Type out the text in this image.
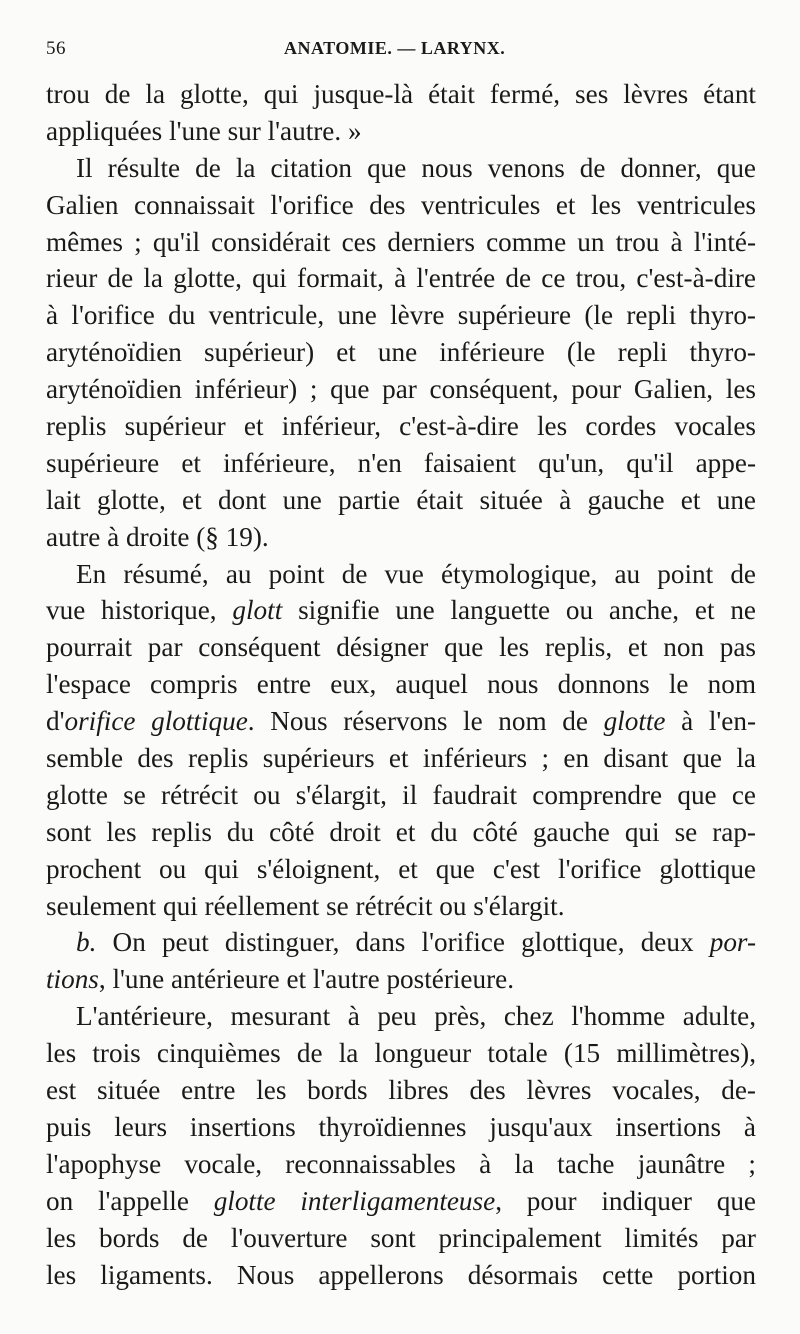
56	ANATOMIE. — LARYNX.
trou de la glotte, qui jusque-là était fermé, ses lèvres étant
appliquées l'une sur l'autre. »
Il résulte de la citation que nous venons de donner, que
Galien connaissait l'orifice des ventricules et les ventricules
mêmes ; qu'il considérait ces derniers comme un trou à l'inté-
rieur de la glotte, qui formait, à l'entrée de ce trou, c'est-à-dire
à l'orifice du ventricule, une lèvre supérieure (le repli thyro-
aryténoïdien supérieur) et une inférieure (le repli thyro-
aryténoïdien inférieur) ; que par conséquent, pour Galien, les
replis supérieur et inférieur, c'est-à-dire les cordes vocales
supérieure et inférieure, n'en faisaient qu'un, qu'il appe-
lait glotte, et dont une partie était située à gauche et une
autre à droite (§ 19).
En résumé, au point de vue étymologique, au point de
vue historique, glott signifie une languette ou anche, et ne
pourrait par conséquent désigner que les replis, et non pas
l'espace compris entre eux, auquel nous donnons le nom
d'orifice glottique. Nous réservons le nom de glotte à l'en-
semble des replis supérieurs et inférieurs ; en disant que la
glotte se rétrécit ou s'élargit, il faudrait comprendre que ce
sont les replis du côté droit et du côté gauche qui se rap-
prochent ou qui s'éloignent, et que c'est l'orifice glottique
seulement qui réellement se rétrécit ou s'élargit.
b. On peut distinguer, dans l'orifice glottique, deux por-
tions, l'une antérieure et l'autre postérieure.
L'antérieure, mesurant à peu près, chez l'homme adulte,
les trois cinquièmes de la longueur totale (15 millimètres),
est située entre les bords libres des lèvres vocales, de-
puis leurs insertions thyroïdiennes jusqu'aux insertions à
l'apophyse vocale, reconnaissables à la tache jaunâtre ;
on l'appelle glotte interligamenteuse, pour indiquer que
les bords de l'ouverture sont principalement limités par
les ligaments. Nous appellerons désormais cette portion
